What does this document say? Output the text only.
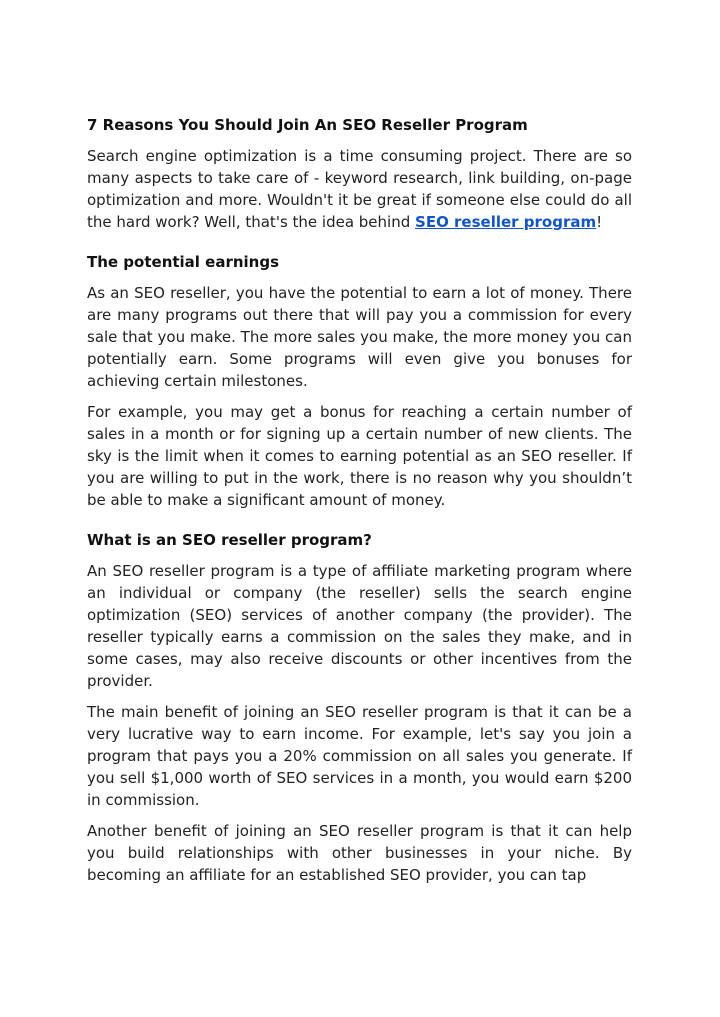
7 Reasons You Should Join An SEO Reseller Program

Search engine optimization is a time consuming project. There are so many aspects to take care of - keyword research, link building, on-page optimization and more. Wouldn't it be great if someone else could do all the hard work? Well, that's the idea behind SEO reseller program!

The potential earnings

As an SEO reseller, you have the potential to earn a lot of money. There are many programs out there that will pay you a commission for every sale that you make. The more sales you make, the more money you can potentially earn. Some programs will even give you bonuses for achieving certain milestones.

For example, you may get a bonus for reaching a certain number of sales in a month or for signing up a certain number of new clients. The sky is the limit when it comes to earning potential as an SEO reseller. If you are willing to put in the work, there is no reason why you shouldn’t be able to make a significant amount of money.

What is an SEO reseller program?

An SEO reseller program is a type of affiliate marketing program where an individual or company (the reseller) sells the search engine optimization (SEO) services of another company (the provider). The reseller typically earns a commission on the sales they make, and in some cases, may also receive discounts or other incentives from the provider.

The main benefit of joining an SEO reseller program is that it can be a very lucrative way to earn income. For example, let's say you join a program that pays you a 20% commission on all sales you generate. If you sell $1,000 worth of SEO services in a month, you would earn $200 in commission.

Another benefit of joining an SEO reseller program is that it can help you build relationships with other businesses in your niche. By becoming an affiliate for an established SEO provider, you can tap
